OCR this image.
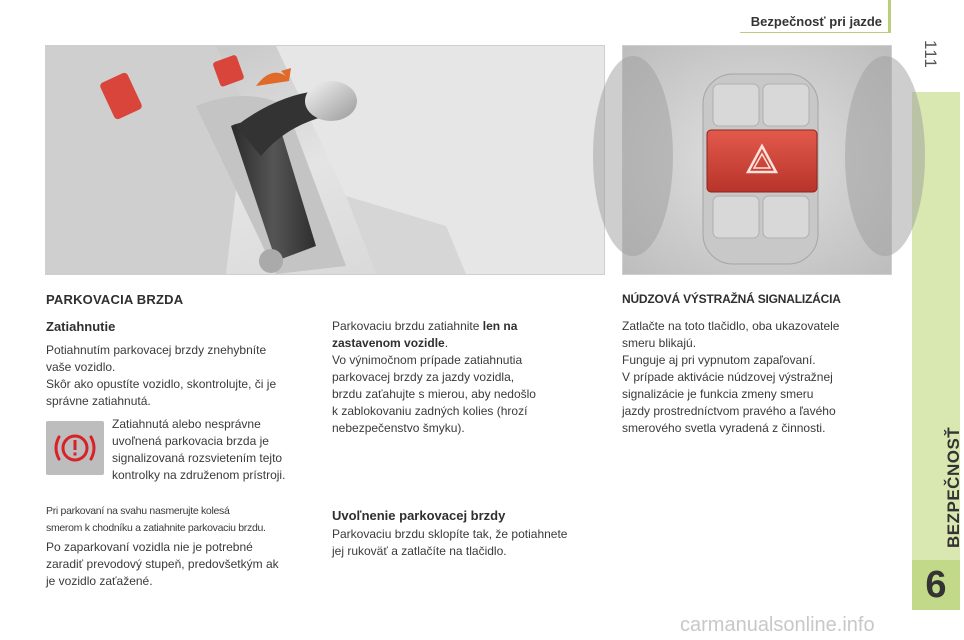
Bezpečnosť pri jazde
111
BEZPEČNOSŤ
6
PARKOVACIA BRZDA
Zatiahnutie

Potiahnutím parkovacej brzdy znehybníte

vaše vozidlo.

Skôr ako opustíte vozidlo, skontrolujte, či je

správne zatiahnutá.

Zatiahnutá alebo nesprávne

uvoľnená parkovacia brzda je

signalizovaná rozsvietením tejto

kontrolky na združenom prístroji.

Pri parkovaní na svahu nasmerujte kolesá

smerom k chodníku a zatiahnite parkovaciu brzdu.

Po zaparkovaní vozidla nie je potrebné

zaradiť prevodový stupeň, predovšetkým ak

je vozidlo zaťažené.

Parkovaciu brzdu zatiahnite len na

zastavenom vozidle.

Vo výnimočnom prípade zatiahnutia

parkovacej brzdy za jazdy vozidla,

brzdu zaťahujte s mierou, aby nedošlo

k zablokovaniu zadných kolies (hrozí

nebezpečenstvo šmyku).

Uvoľnenie parkovacej brzdy

Parkovaciu brzdu sklopíte tak, že potiahnete

jej rukoväť a zatlačíte na tlačidlo.

NÚDZOVÁ VÝSTRAŽNÁ SIGNALIZÁCIA

Zatlačte na toto tlačidlo, oba ukazovatele

smeru blikajú.

Funguje aj pri vypnutom zapaľovaní.

V prípade aktivácie núdzovej výstražnej

signalizácie je funkcia zmeny smeru

jazdy prostredníctvom pravého a ľavého

smerového svetla vyradená z činnosti.

carmanualsonline.info
